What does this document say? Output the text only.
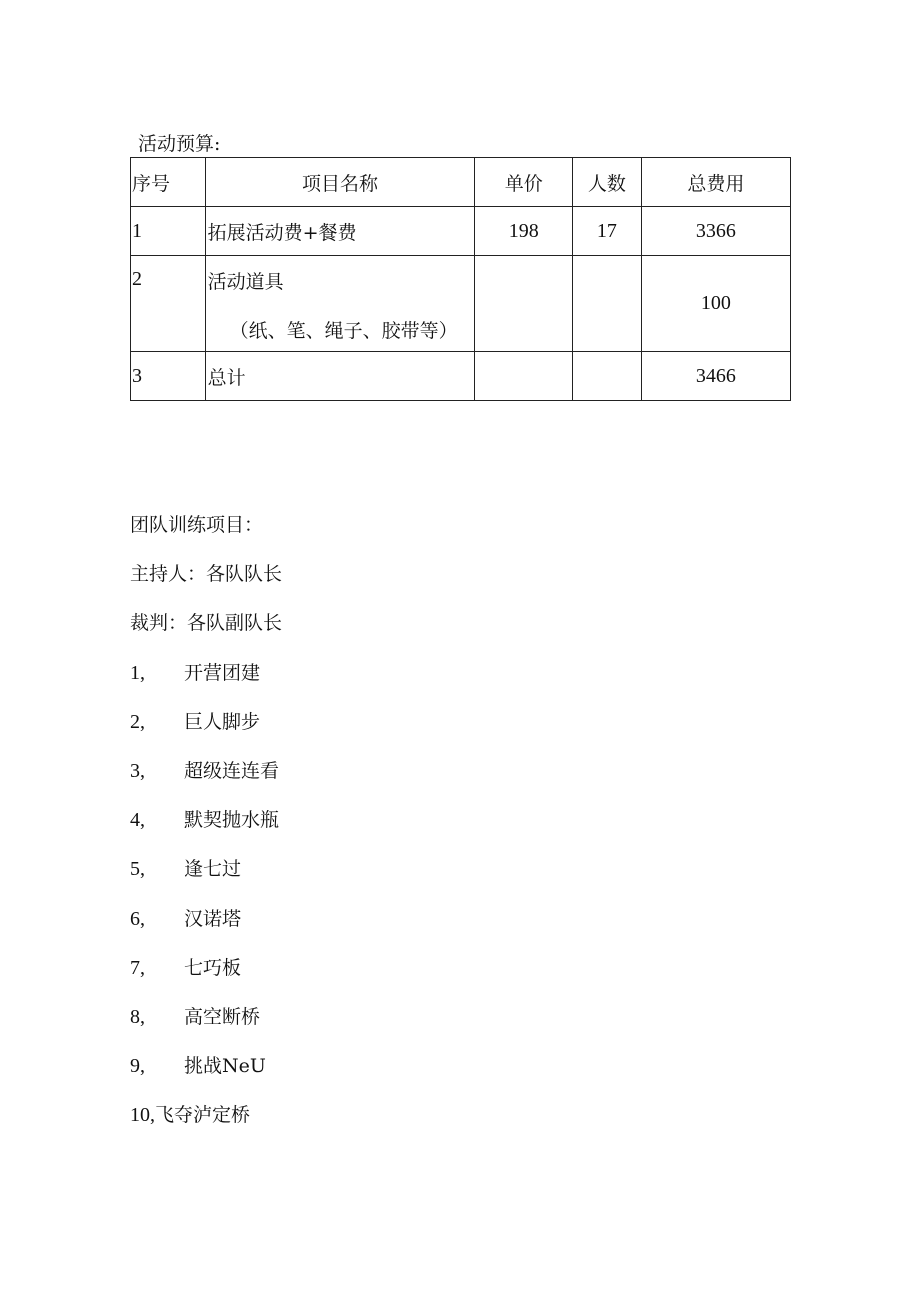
活动预算:
序号	项目名称	单价	人数	总费用
1	拓展活动费+餐费	198	17	3366

2	活动道具
（纸、笔、绳子、胶带等）			100
3	总计			3466
团队训练项目：
主持人：各队队长
裁判：各队副队长
1, 开营团建
2, 巨人脚步
3, 超级连连看
4, 默契抛水瓶
5, 逢七过
6, 汉诺塔
7, 七巧板
8, 高空断桥
9, 挑战NeU
10,飞夺泸定桥
